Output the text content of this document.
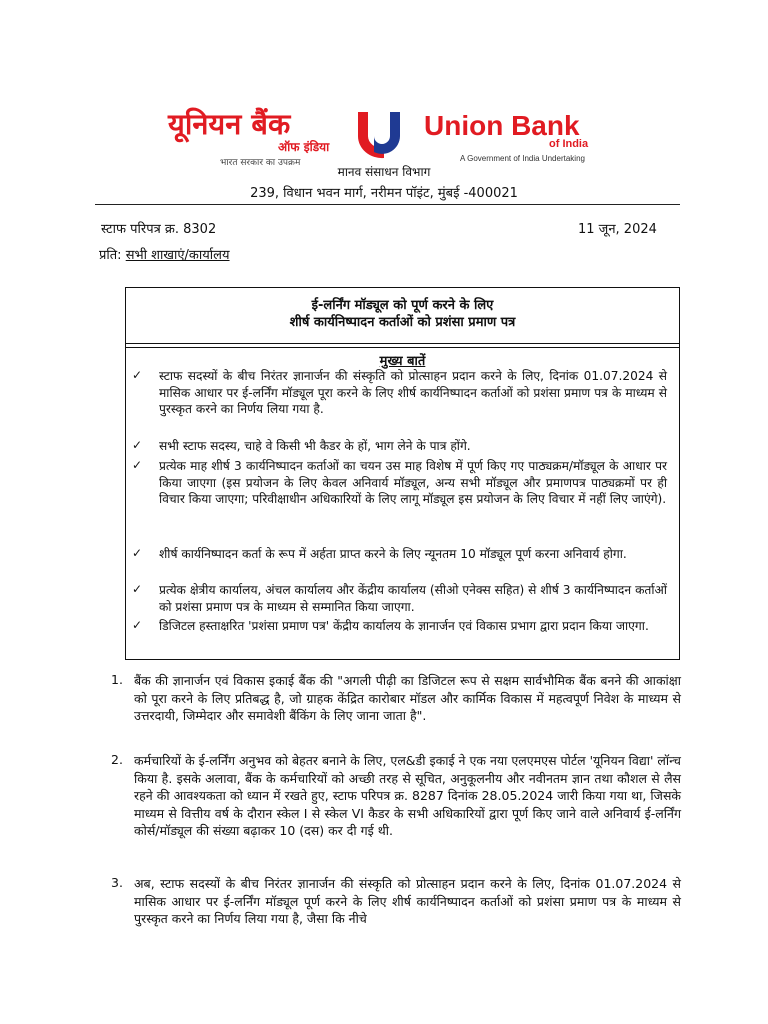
यूनियन बैंक
ऑफ इंडिया
भारत सरकार का उपक्रम
Union Bank
of India
A Government of India Undertaking
मानव संसाधन विभाग
239, विधान भवन मार्ग, नरीमन पॉइंट, मुंबई -400021
स्टाफ परिपत्र क्र. 8302	11 जून, 2024
प्रति: सभी शाखाएं/कार्यालय
ई-लर्निंग मॉड्यूल को पूर्ण करने के लिए
शीर्ष कार्यनिष्पादन कर्ताओं को प्रशंसा प्रमाण पत्र
मुख्य बातें
✓ स्टाफ सदस्यों के बीच निरंतर ज्ञानार्जन की संस्कृति को प्रोत्साहन प्रदान करने के लिए, दिनांक 01.07.2024 से मासिक आधार पर ई-लर्निंग मॉड्यूल पूरा करने के लिए शीर्ष कार्यनिष्पादन कर्ताओं को प्रशंसा प्रमाण पत्र के माध्यम से पुरस्कृत करने का निर्णय लिया गया है.
✓ सभी स्टाफ सदस्य, चाहे वे किसी भी कैडर के हों, भाग लेने के पात्र होंगे.
✓ प्रत्येक माह शीर्ष 3 कार्यनिष्पादन कर्ताओं का चयन उस माह विशेष में पूर्ण किए गए पाठ्यक्रम/मॉड्यूल के आधार पर किया जाएगा (इस प्रयोजन के लिए केवल अनिवार्य मॉड्यूल, अन्य सभी मॉड्यूल और प्रमाणपत्र पाठ्यक्रमों पर ही विचार किया जाएगा; परिवीक्षाधीन अधिकारियों के लिए लागू मॉड्यूल इस प्रयोजन के लिए विचार में नहीं लिए जाएंगे).
✓ शीर्ष कार्यनिष्पादन कर्ता के रूप में अर्हता प्राप्त करने के लिए न्यूनतम 10 मॉड्यूल पूर्ण करना अनिवार्य होगा.
✓ प्रत्येक क्षेत्रीय कार्यालय, अंचल कार्यालय और केंद्रीय कार्यालय (सीओ एनेक्स सहित) से शीर्ष 3 कार्यनिष्पादन कर्ताओं को प्रशंसा प्रमाण पत्र के माध्यम से सम्मानित किया जाएगा.
✓ डिजिटल हस्ताक्षरित 'प्रशंसा प्रमाण पत्र' केंद्रीय कार्यालय के ज्ञानार्जन एवं विकास प्रभाग द्वारा प्रदान किया जाएगा.
1. बैंक की ज्ञानार्जन एवं विकास इकाई बैंक की "अगली पीढ़ी का डिजिटल रूप से सक्षम सार्वभौमिक बैंक बनने की आकांक्षा को पूरा करने के लिए प्रतिबद्ध है, जो ग्राहक केंद्रित कारोबार मॉडल और कार्मिक विकास में महत्वपूर्ण निवेश के माध्यम से उत्तरदायी, जिम्मेदार और समावेशी बैंकिंग के लिए जाना जाता है".
2. कर्मचारियों के ई-लर्निंग अनुभव को बेहतर बनाने के लिए, एल&डी इकाई ने एक नया एलएमएस पोर्टल 'यूनियन विद्या' लॉन्च किया है. इसके अलावा, बैंक के कर्मचारियों को अच्छी तरह से सूचित, अनुकूलनीय और नवीनतम ज्ञान तथा कौशल से लैस रहने की आवश्यकता को ध्यान में रखते हुए, स्टाफ परिपत्र क्र. 8287 दिनांक 28.05.2024 जारी किया गया था, जिसके माध्यम से वित्तीय वर्ष के दौरान स्केल I से स्केल VI कैडर के सभी अधिकारियों द्वारा पूर्ण किए जाने वाले अनिवार्य ई-लर्निंग कोर्स/मॉड्यूल की संख्या बढ़ाकर 10 (दस) कर दी गई थी.
3. अब, स्टाफ सदस्यों के बीच निरंतर ज्ञानार्जन की संस्कृति को प्रोत्साहन प्रदान करने के लिए, दिनांक 01.07.2024 से मासिक आधार पर ई-लर्निंग मॉड्यूल पूर्ण करने के लिए शीर्ष कार्यनिष्पादन कर्ताओं को प्रशंसा प्रमाण पत्र के माध्यम से पुरस्कृत करने का निर्णय लिया गया है, जैसा कि नीचे
